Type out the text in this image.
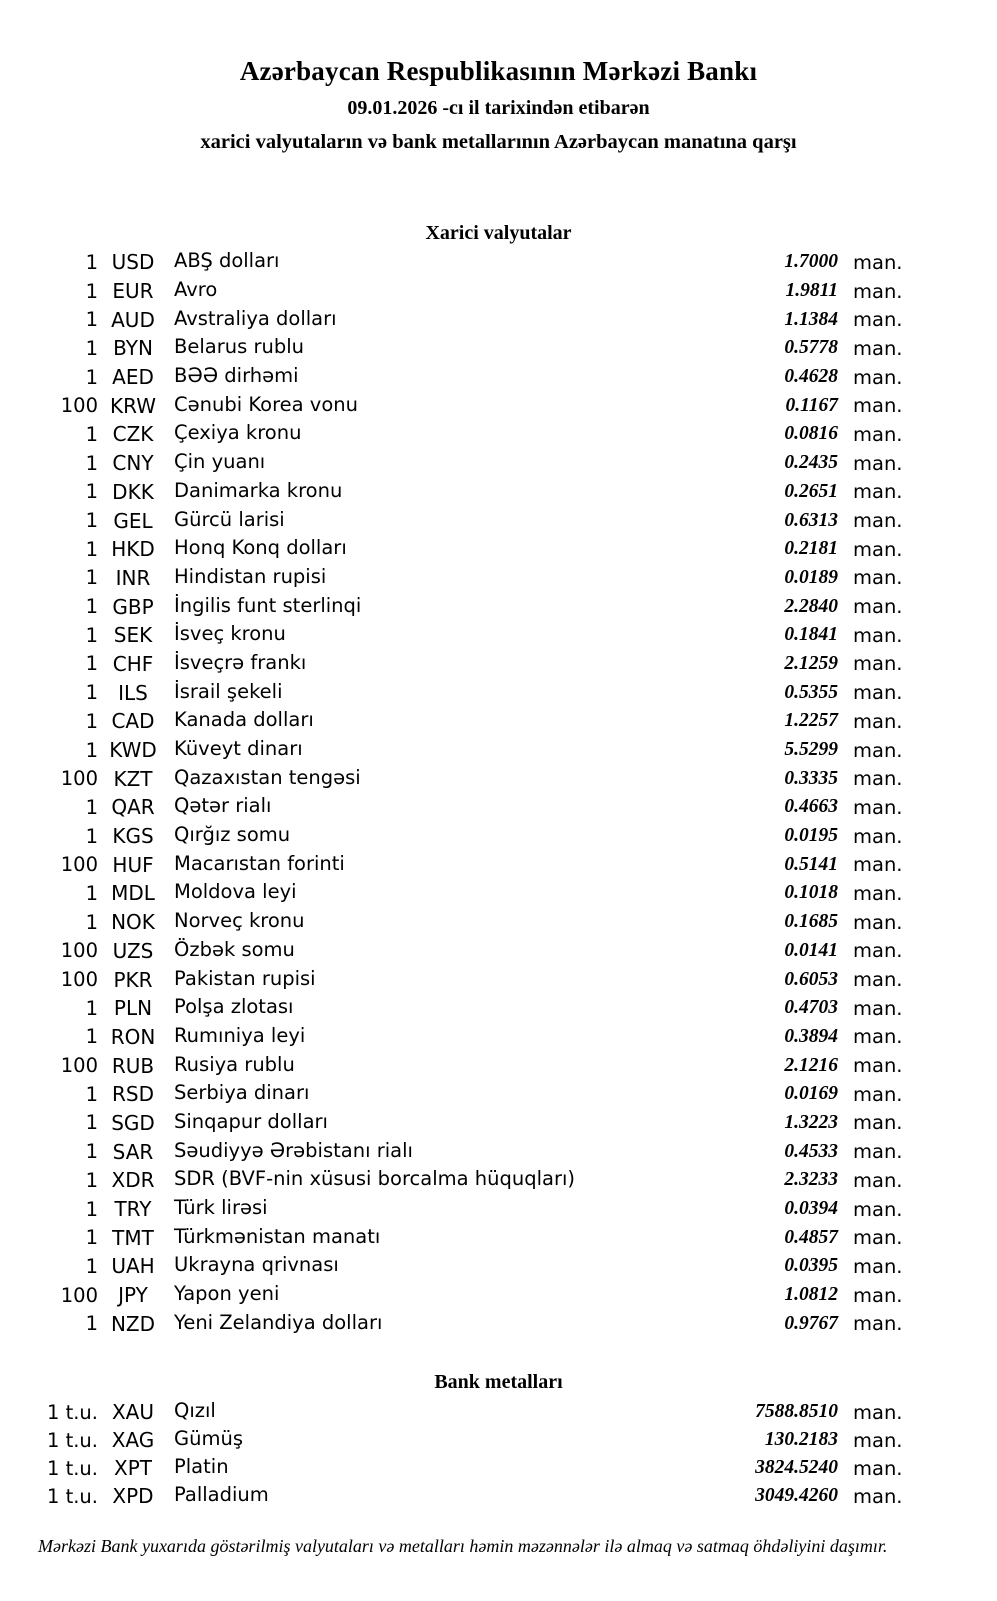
Azərbaycan Respublikasının Mərkəzi Bankı
09.01.2026 -cı il tarixindən etibarən
xarici valyutaların və bank metallarının Azərbaycan manatına qarşı
Xarici valyutalar
1 USD	ABŞ dolları	1.7000 man.
1 EUR	Avro	1.9811 man.
1 AUD Avstraliya dolları	1.1384 man.
1 BYN	Belarus rublu	0.5778 man.
1 AED	BƏƏ dirhəmi	0.4628 man.
100 KRW Cənubi Korea vonu	0.1167 man.
1 CZK	Çexiya kronu	0.0816 man.
1 CNY	Çin yuanı	0.2435 man.
1 DKK	Danimarka kronu	0.2651 man.
1 GEL	Gürcü larisi	0.6313 man.
1 HKD Honq Konq dolları	0.2181 man.
1 INR	Hindistan rupisi	0.0189 man.
1 GBP	İngilis funt sterlinqi	2.2840 man.
1 SEK	İsveç kronu	0.1841 man.
1 CHF	İsveçrə frankı	2.1259 man.
1	ILS	İsrail şekeli	0.5355 man.
1 CAD Kanada dolları	1.2257 man.
1 KWD Küveyt dinarı	5.5299 man.
100 KZT	Qazaxıstan tengəsi	0.3335 man.
1 QAR Qətər rialı	0.4663 man.
1 KGS	Qırğız somu	0.0195 man.
100 HUF	Macarıstan forinti	0.5141 man.
1 MDL Moldova leyi	0.1018 man.
1 NOK Norveç kronu	0.1685 man.
100 UZS	Özbək somu	0.0141 man.
100 PKR	Pakistan rupisi	0.6053 man.
1 PLN	Polşa zlotası	0.4703 man.
1 RON Rumıniya leyi	0.3894 man.
100 RUB	Rusiya rublu	2.1216 man.
1 RSD	Serbiya dinarı	0.0169 man.
1 SGD Sinqapur dolları	1.3223 man.
1 SAR	Səudiyyə Ərəbistanı rialı	0.4533 man.
1 XDR	SDR (BVF-nin xüsusi borcalma hüquqları)	2.3233 man.
1 TRY	Türk lirəsi	0.0394 man.
1 TMT	Türkmənistan manatı	0.4857 man.
1 UAH Ukrayna qrivnası	0.0395 man.
100	JPY	Yapon yeni	1.0812 man.
1 NZD Yeni Zelandiya dolları	0.9767 man.
Bank metalları
1 t.u. XAU	Qızıl	7588.8510 man.
1 t.u. XAG	Gümüş	130.2183 man.
1 t.u. XPT	Platin	3824.5240 man.
1 t.u. XPD	Palladium	3049.4260 man.
Mərkəzi Bank yuxarıda göstərilmiş valyutaları və metalları həmin məzənnələr ilə almaq və satmaq öhdəliyini daşımır.
